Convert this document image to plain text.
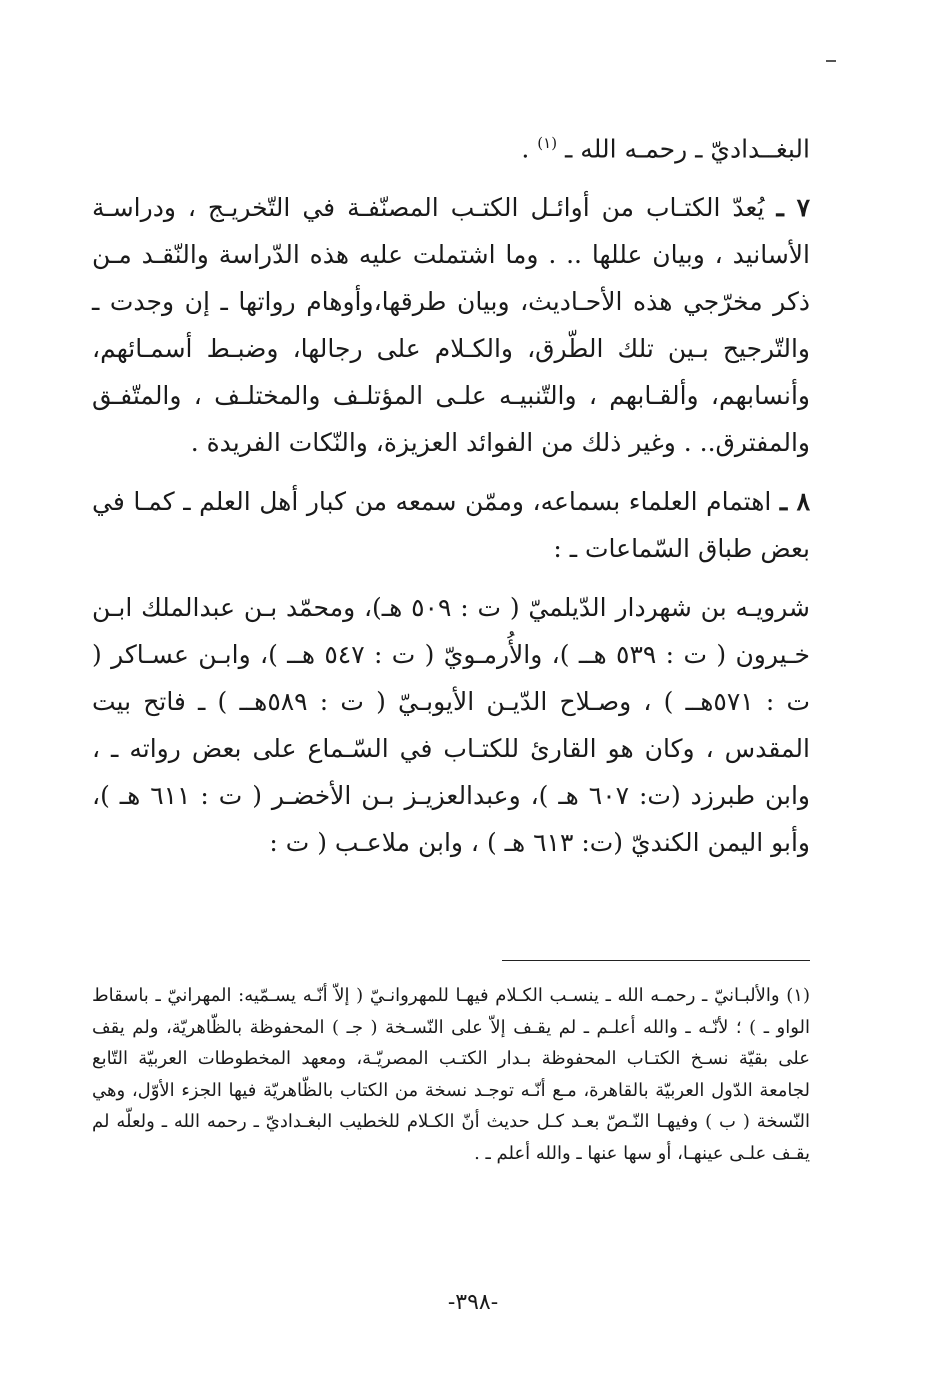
البغــداديّ ـ رحمـه الله ـ $^{(١)}$ .

٧ ـ يُعدّ الكتـاب من أوائـل الكتـب المصنّفـة في التّخريـج ، ودراسـة الأسانيد ، وبيان عللها .. . وما اشتملت عليه هذه الدّراسة والنّقـد مـن ذكر مخرّجي هذه الأحـاديث، وبيان طرقها،وأوهام رواتها ـ إن وجدت ـ والتّرجيح بـين تلك الطّرق، والكـلام على رجالها، وضبـط أسمـائهم، وأنسابهم، وألقـابهم ، والتّنبيـه علـى المؤتلـف والمختلـف ، والمتّفـق والمفترق.. . وغير ذلك من الفوائد العزيزة، والنّكات الفريدة .

٨ ـ اهتمام العلماء بسماعه، وممّن سمعه من كبار أهل العلم ـ كمـا في بعض طباق السّماعات ـ :

شرويـه بن شهردار الدّيلميّ ( ت : ٥٠٩ هـ)، ومحمّد بـن عبدالملك ابـن خـيرون ( ت : ٥٣٩ هــ )، والأُرمـويّ ( ت : ٥٤٧ هــ )، وابـن عسـاكر ( ت : ٥٧١هــ ) ، وصـلاح الدّيـن الأيوبـيّ ( ت : ٥٨٩هــ ) ـ فاتح بيت المقدس ، وكان هو القارئ للكتـاب في السّـماع على بعض رواته ـ ، وابن طبرزد (ت: ٦٠٧ هـ )، وعبدالعزيـز بـن الأخضـر ( ت : ٦١١ هـ )، وأبو اليمن الكنديّ (ت: ٦١٣ هـ ) ، وابن ملاعـب ( ت :

(١) والألبـانيّ ـ رحمـه الله ـ ينسـب الكـلام فيهـا للمهروانـيّ ( إلاّ أنّـه يسـمّيه: المهرانيّ ـ باسقاط الواو ـ ) ؛ لأنّـه ـ والله أعلـم ـ لم يقـف إلاّ على النّسـخة ( جـ ) المحفوظة بالظّاهريّة، ولم يقف على بقيّة نسـخ الكتـاب المحفوظة بـدار الكتـب المصريّـة، ومعهد المخطوطات العربيّة التّابع لجامعة الدّول العربيّة بالقاهرة، مـع أنّـه توجـد نسخة من الكتاب بالظّاهريّة فيها الجزء الأوّل، وهي النّسخة ( ب ) وفيهـا النّـصّ بعـد كـل حديث أنّ الكـلام للخطيب البغـداديّ ـ رحمه الله ـ ولعلّه لم يقـف علـى عينهـا، أو سها عنها ـ والله أعلم ـ .
-٣٩٨-
